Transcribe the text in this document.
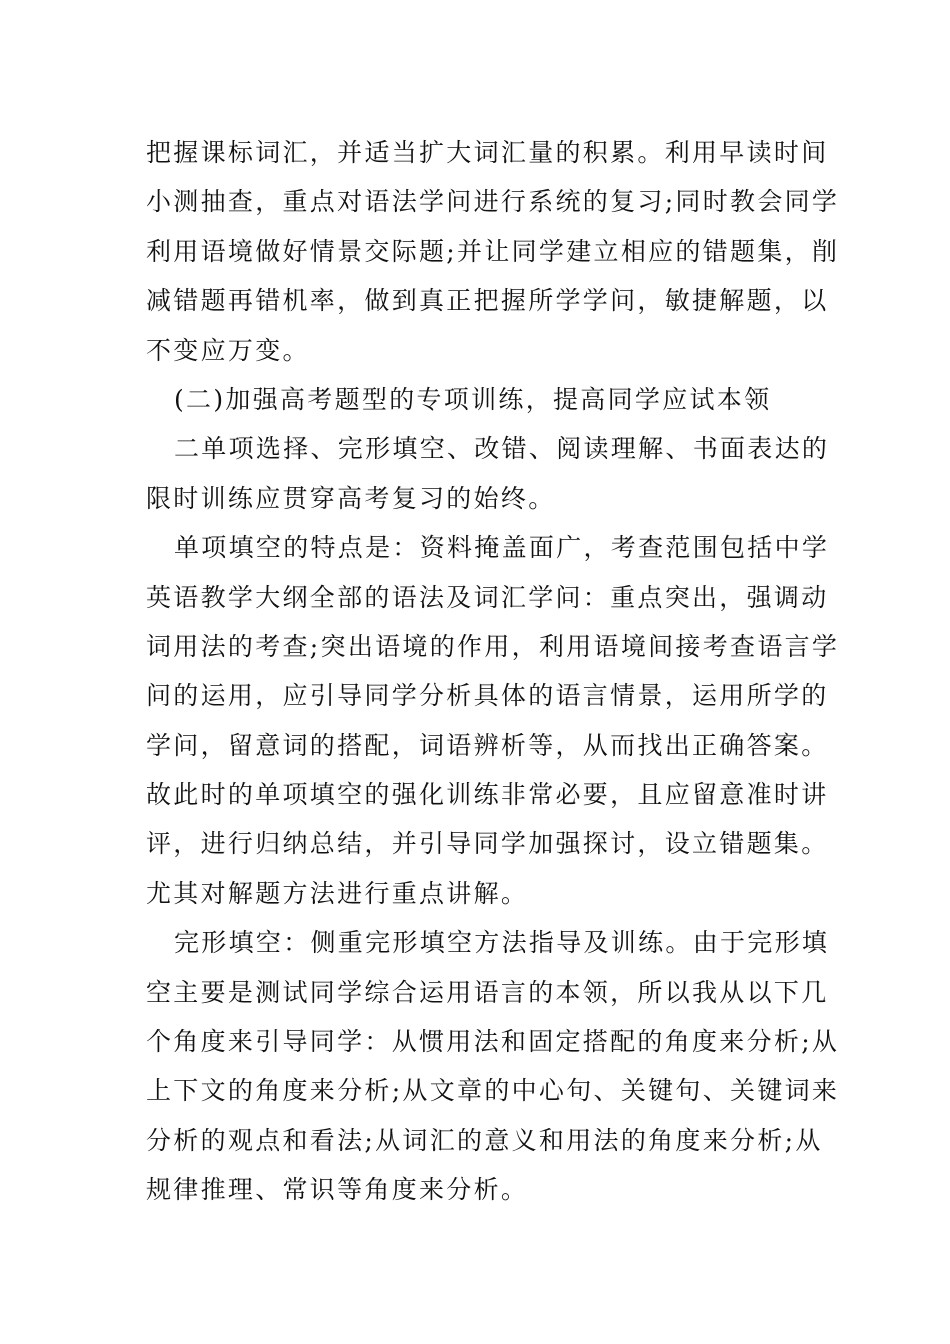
把握课标词汇，并适当扩大词汇量的积累。利用早读时间
小测抽查，重点对语法学问进行系统的复习;同时教会同学
利用语境做好情景交际题;并让同学建立相应的错题集，削
减错题再错机率，做到真正把握所学学问，敏捷解题，以
不变应万变。

(二)加强高考题型的专项训练，提高同学应试本领

二单项选择、完形填空、改错、阅读理解、书面表达的
限时训练应贯穿高考复习的始终。

单项填空的特点是：资料掩盖面广，考查范围包括中学
英语教学大纲全部的语法及词汇学问：重点突出，强调动
词用法的考查;突出语境的作用，利用语境间接考查语言学
问的运用，应引导同学分析具体的语言情景，运用所学的
学问，留意词的搭配，词语辨析等，从而找出正确答案。
故此时的单项填空的强化训练非常必要，且应留意准时讲
评，进行归纳总结，并引导同学加强探讨，设立错题集。
尤其对解题方法进行重点讲解。

完形填空：侧重完形填空方法指导及训练。由于完形填
空主要是测试同学综合运用语言的本领，所以我从以下几
个角度来引导同学：从惯用法和固定搭配的角度来分析;从
上下文的角度来分析;从文章的中心句、关键句、关键词来
分析的观点和看法;从词汇的意义和用法的角度来分析;从
规律推理、常识等角度来分析。
